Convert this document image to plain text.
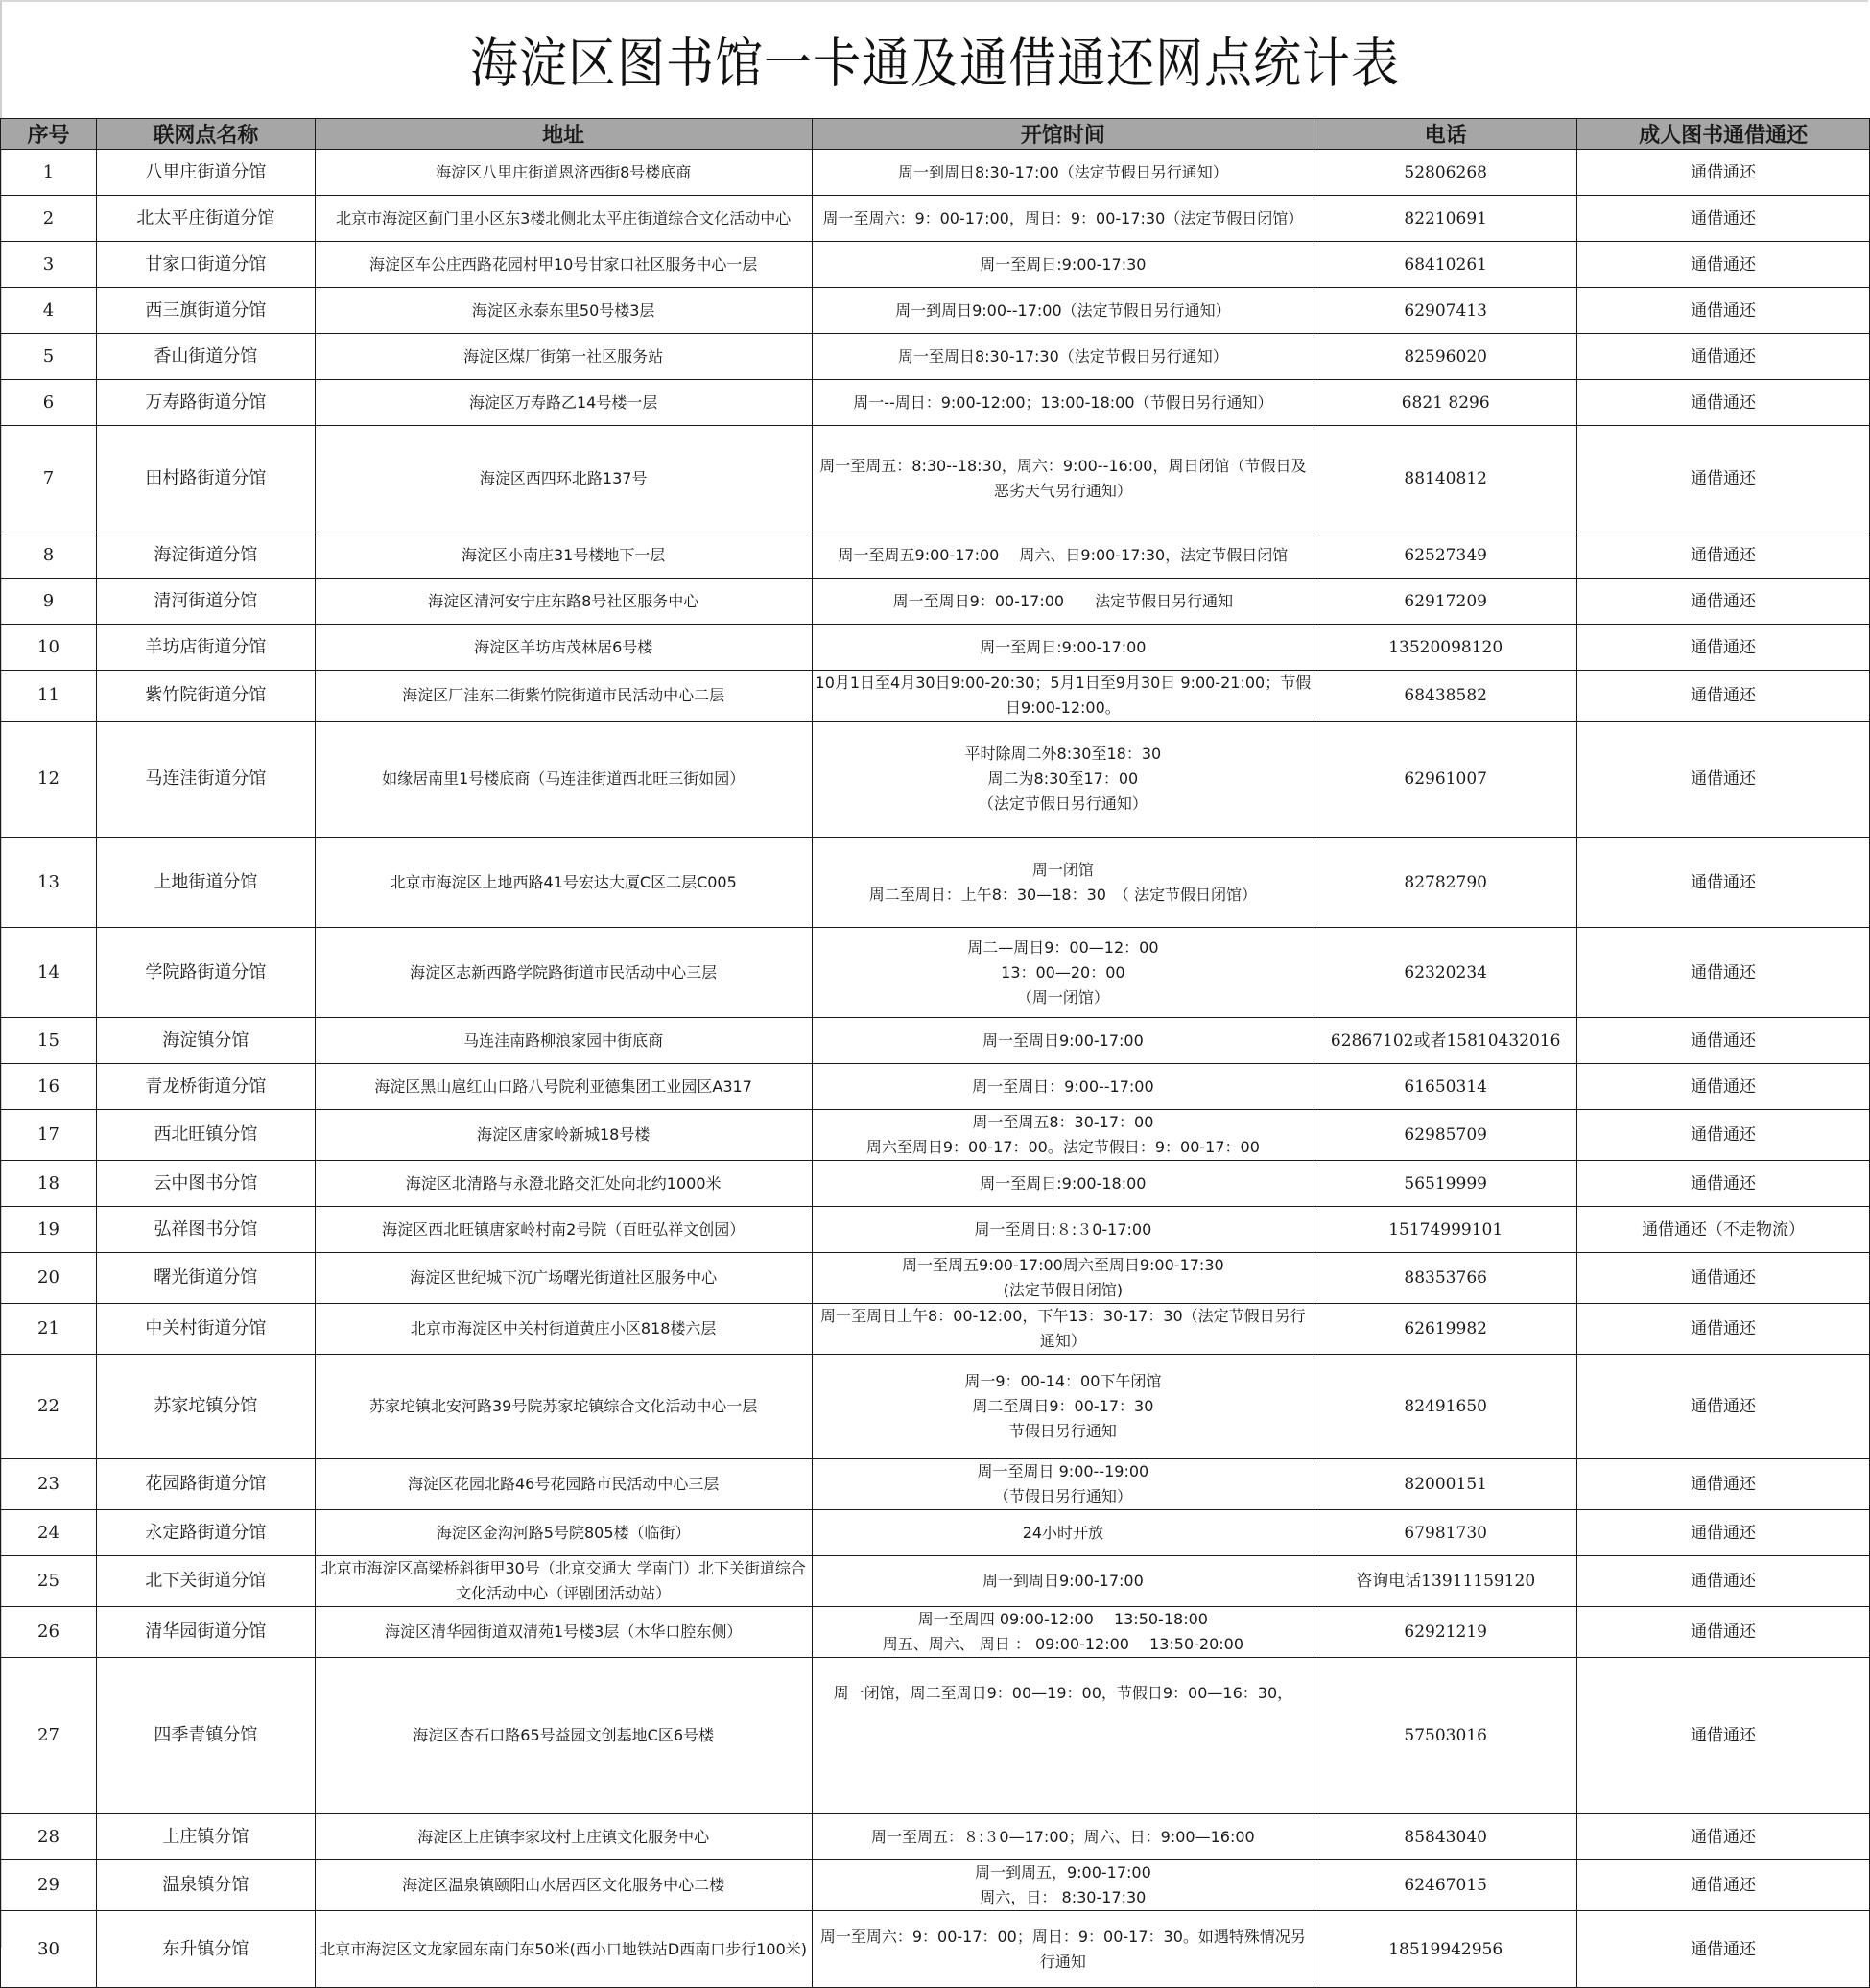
海淀区图书馆一卡通及通借通还网点统计表
序号	联网点名称	地址	开馆时间	电话	成人图书通借通还
1	八里庄街道分馆	海淀区八里庄街道恩济西街8号楼底商	周一到周日8:30-17:00（法定节假日另行通知）	52806268	通借通还
2	北太平庄街道分馆	北京市海淀区蓟门里小区东3楼北侧北太平庄街道综合文化活动中心	周一至周六：9：00-17:00，周日：9：00-17:30（法定节假日闭馆）	82210691	通借通还
3	甘家口街道分馆	海淀区车公庄西路花园村甲10号甘家口社区服务中心一层	周一至周日:9:00-17:30	68410261	通借通还
4	西三旗街道分馆	海淀区永泰东里50号楼3层	周一到周日9:00--17:00（法定节假日另行通知）	62907413	通借通还
5	香山街道分馆	海淀区煤厂街第一社区服务站	周一至周日8:30-17:30（法定节假日另行通知）	82596020	通借通还
6	万寿路街道分馆	海淀区万寿路乙14号楼一层	周一--周日：9:00-12:00；13:00-18:00（节假日另行通知）	6821 8296	通借通还
7	田村路街道分馆	海淀区西四环北路137号	周一至周五：8:30--18:30，周六：9:00--16:00，周日闭馆（节假日及恶劣天气另行通知）	88140812	通借通还
8	海淀街道分馆	海淀区小南庄31号楼地下一层	周一至周五9:00-17:00　 周六、日9:00-17:30，法定节假日闭馆	62527349	通借通还
9	清河街道分馆	海淀区清河安宁庄东路8号社区服务中心	周一至周日9：00-17:00　　法定节假日另行通知	62917209	通借通还
10	羊坊店街道分馆	海淀区羊坊店茂林居6号楼	周一至周日:9:00-17:00	13520098120	通借通还
11	紫竹院街道分馆	海淀区厂洼东二街紫竹院街道市民活动中心二层	10月1日至4月30日9:00-20:30；5月1日至9月30日 9:00-21:00；节假日9:00-12:00。	68438582	通借通还
12	马连洼街道分馆	如缘居南里1号楼底商（马连洼街道西北旺三街如园）	平时除周二外8:30至18：30
周二为8:30至17：00
（法定节假日另行通知）	62961007	通借通还
13	上地街道分馆	北京市海淀区上地西路41号宏达大厦C区二层C005	周一闭馆
周二至周日：上午8：30—18：30　（ 法定节假日闭馆）	82782790	通借通还
14	学院路街道分馆	海淀区志新西路学院路街道市民活动中心三层	周二—周日9：00—12：00
13：00—20：00
（周一闭馆）	62320234	通借通还
15	海淀镇分馆	马连洼南路柳浪家园中街底商	周一至周日9:00-17:00	62867102或者15810432016	通借通还
16	青龙桥街道分馆	海淀区黑山扈红山口路八号院利亚德集团工业园区A317	周一至周日：9:00--17:00	61650314	通借通还
17	西北旺镇分馆	海淀区唐家岭新城18号楼	周一至周五8：30-17：00
周六至周日9：00-17：00。法定节假日：9：00-17：00	62985709	通借通还
18	云中图书分馆	海淀区北清路与永澄北路交汇处向北约1000米	周一至周日:9:00-18:00	56519999	通借通还
19	弘祥图书分馆	海淀区西北旺镇唐家岭村南2号院（百旺弘祥文创园）	周一至周日:８:３0-17:00	15174999101	通借通还（不走物流）
20	曙光街道分馆	海淀区世纪城下沉广场曙光街道社区服务中心	周一至周五9:00-17:00周六至周日9:00-17:30
(法定节假日闭馆)	88353766	通借通还
21	中关村街道分馆	北京市海淀区中关村街道黄庄小区818楼六层	周一至周日上午8：00-12:00，下午13：30-17：30（法定节假日另行通知）	62619982	通借通还
22	苏家坨镇分馆	苏家坨镇北安河路39号院苏家坨镇综合文化活动中心一层	周一9：00-14：00下午闭馆
周二至周日9：00-17：30
节假日另行通知	82491650	通借通还
23	花园路街道分馆	海淀区花园北路46号花园路市民活动中心三层	周一至周日 9:00--19:00
（节假日另行通知）	82000151	通借通还
24	永定路街道分馆	海淀区金沟河路5号院805楼（临街）	24小时开放	67981730	通借通还
25	北下关街道分馆	北京市海淀区高梁桥斜街甲30号（北京交通大 学南门）北下关街道综合文化活动中心（评剧团活动站）	周一到周日9:00-17:00	咨询电话13911159120	通借通还
26	清华园街道分馆	海淀区清华园街道双清苑1号楼3层（木华口腔东侧）	周一至周四 09:00-12:00　 13:50-18:00
周五、周六、 周日 ： 09:00-12:00　 13:50-20:00	62921219	通借通还
27	四季青镇分馆	海淀区杏石口路65号益园文创基地C区6号楼	周一闭馆，周二至周日9：00—19：00，节假日9：00—16：30，	57503016	通借通还
28	上庄镇分馆	海淀区上庄镇李家坟村上庄镇文化服务中心	周一至周五：８:３0—17:00；周六、日：9:00—16:00	85843040	通借通还
29	温泉镇分馆	海淀区温泉镇颐阳山水居西区文化服务中心二楼	周一到周五，9:00-17:00
周六，日： 8:30-17:30	62467015	通借通还
30	东升镇分馆	北京市海淀区文龙家园东南门东50米(西小口地铁站D西南口步行100米)	周一至周六：9：00-17：00；周日：9：00-17：30。如遇特殊情况另行通知	18519942956	通借通还
